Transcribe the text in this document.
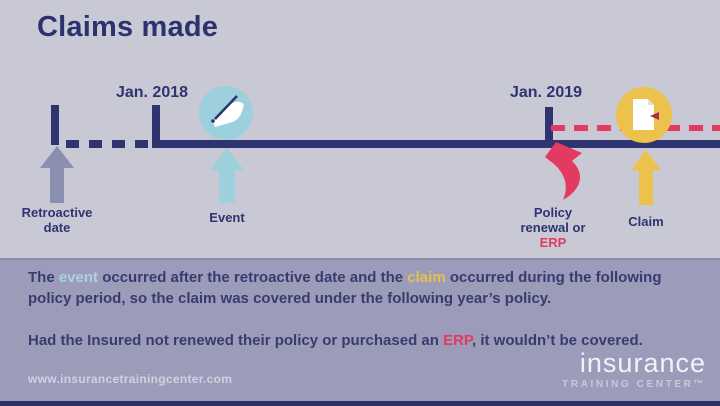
Claims made
Jan. 2018	Jan. 2019
Retroactive
date
Event	Policy
renewal or
ERP
Claim

The event occurred after the retroactive date and the claim occurred during the following policy period, so the claim was covered under the following year’s policy.

Had the Insured not renewed their policy or purchased an ERP, it wouldn’t be covered.

www.insurancetrainingcenter.com
insurance
TRAINING CENTER™
